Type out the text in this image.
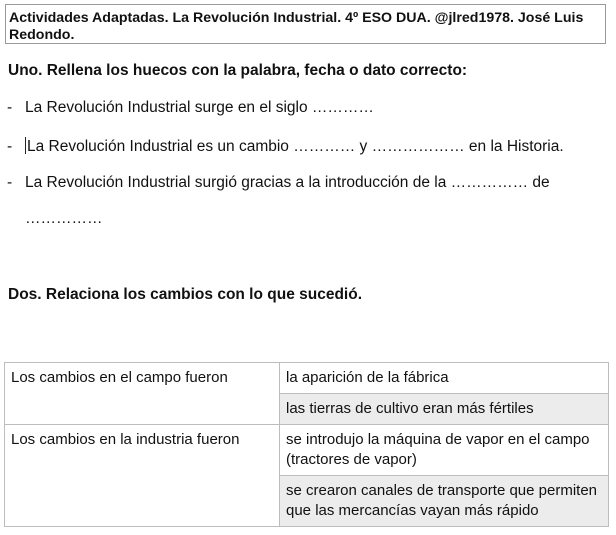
Actividades Adaptadas. La Revolución Industrial. 4º ESO DUA. @jlred1978. José Luis Redondo.
Uno. Rellena los huecos con la palabra, fecha o dato correcto:
- La Revolución Industrial surge en el siglo …………
- La Revolución Industrial es un cambio ………… y ……………… en la Historia.
- La Revolución Industrial surgió gracias a la introducción de la …………… de
……………
Dos. Relaciona los cambios con lo que sucedió.
Los cambios en el campo fueron	la aparición de la fábrica
	las tierras de cultivo eran más fértiles
Los cambios en la industria fueron	se introdujo la máquina de vapor en el campo (tractores de vapor)
	se crearon canales de transporte que permiten que las mercancías vayan más rápido
